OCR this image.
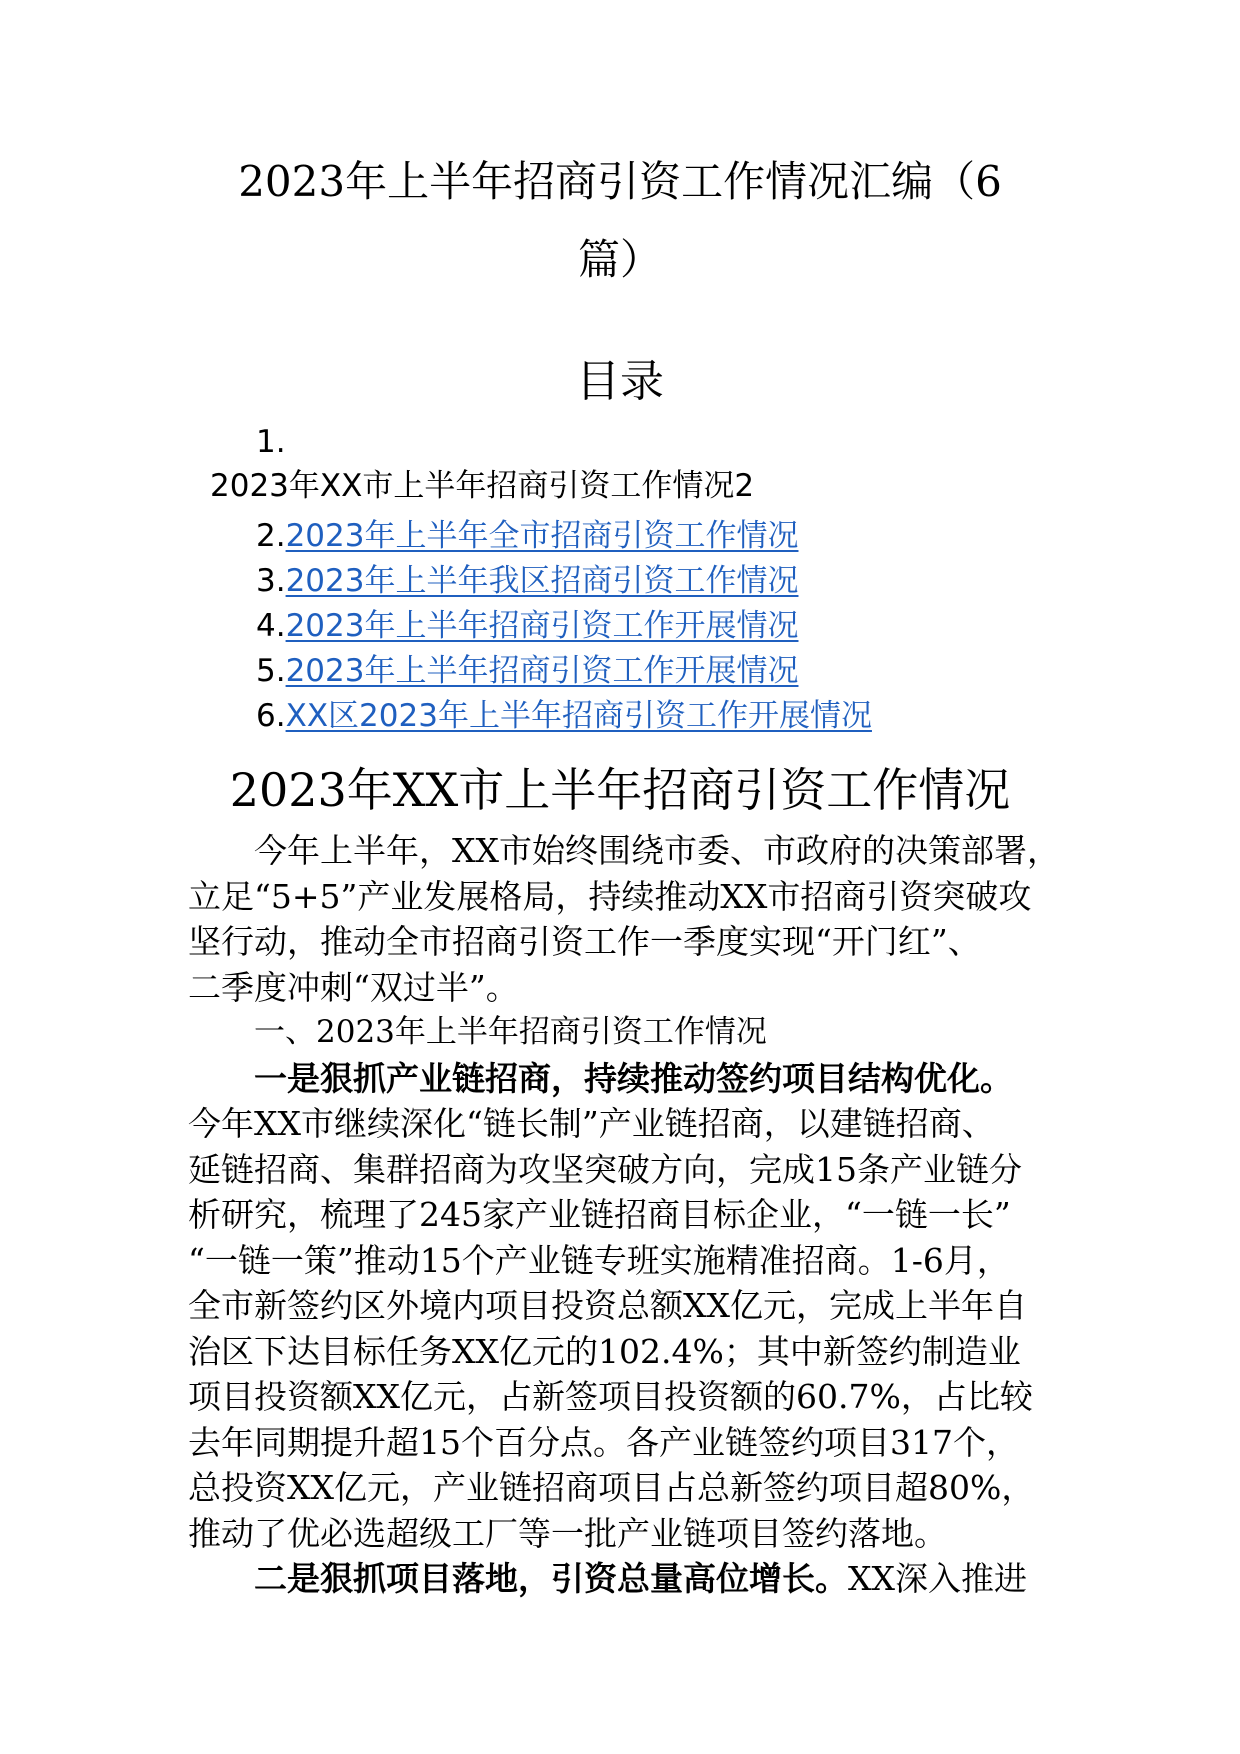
2023年上半年招商引资工作情况汇编（6
篇）
目录
1.
2023年XX市上半年招商引资工作情况2
2.2023年上半年全市招商引资工作情况
3.2023年上半年我区招商引资工作情况
4.2023年上半年招商引资工作开展情况
5.2023年上半年招商引资工作开展情况
6.XX区2023年上半年招商引资工作开展情况
2023年XX市上半年招商引资工作情况

今年上半年，XX市始终围绕市委、市政府的决策部署，
立足“5+5”产业发展格局，持续推动XX市招商引资突破攻
坚行动，推动全市招商引资工作一季度实现“开门红”、
二季度冲刺“双过半”。

一、2023年上半年招商引资工作情况

一是狠抓产业链招商，持续推动签约项目结构优化。
今年XX市继续深化“链长制”产业链招商，以建链招商、
延链招商、集群招商为攻坚突破方向，完成15条产业链分
析研究，梳理了245家产业链招商目标企业，“一链一长”
“一链一策”推动15个产业链专班实施精准招商。1-6月，
全市新签约区外境内项目投资总额XX亿元，完成上半年自
治区下达目标任务XX亿元的102.4%；其中新签约制造业
项目投资额XX亿元，占新签项目投资额的60.7%，占比较
去年同期提升超15个百分点。各产业链签约项目317个，
总投资XX亿元，产业链招商项目占总新签约项目超80%，
推动了优必选超级工厂等一批产业链项目签约落地。

二是狠抓项目落地，引资总量高位增长。XX深入推进
